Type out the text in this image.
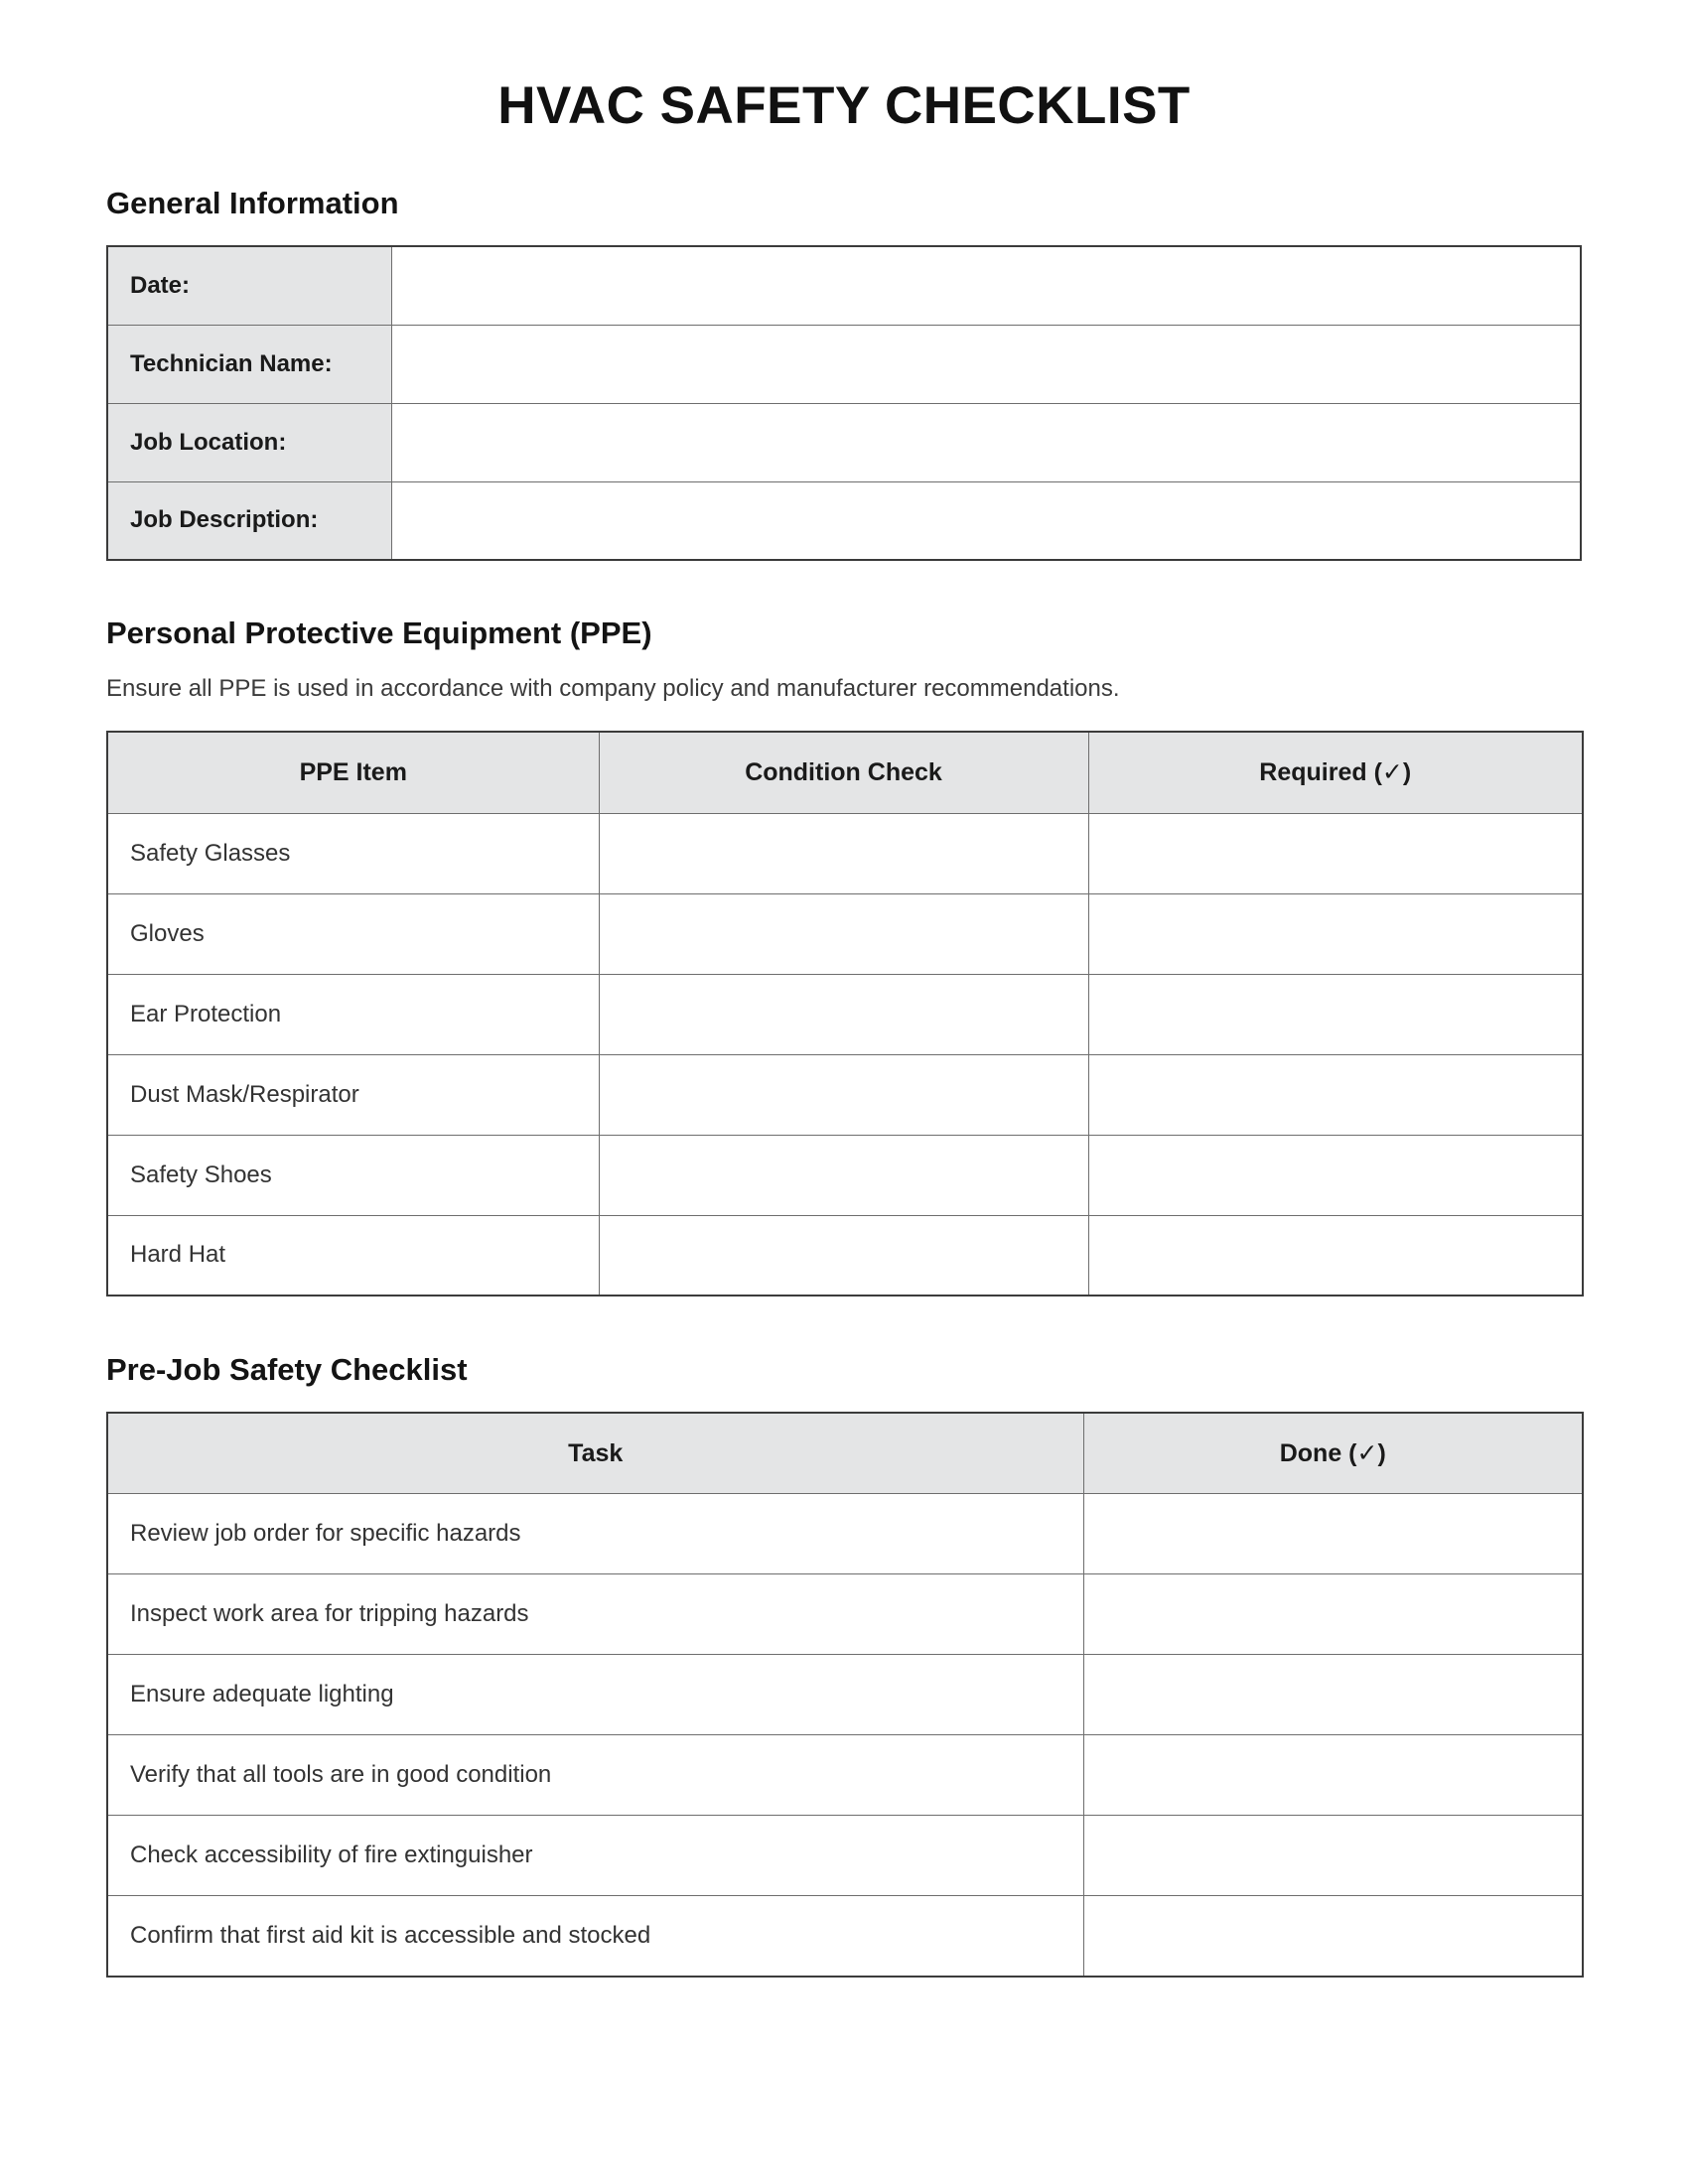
HVAC SAFETY CHECKLIST
General Information
Date:	
Technician Name:	
Job Location:	
Job Description:	
Personal Protective Equipment (PPE)

Ensure all PPE is used in accordance with company policy and manufacturer recommendations.

PPE Item	Condition Check	Required (✓)
Safety Glasses		
Gloves		
Ear Protection		
Dust Mask/Respirator		
Safety Shoes		
Hard Hat		
Pre-Job Safety Checklist
Task	Done (✓)
Review job order for specific hazards	
Inspect work area for tripping hazards	
Ensure adequate lighting	
Verify that all tools are in good condition	
Check accessibility of fire extinguisher	
Confirm that first aid kit is accessible and stocked	
